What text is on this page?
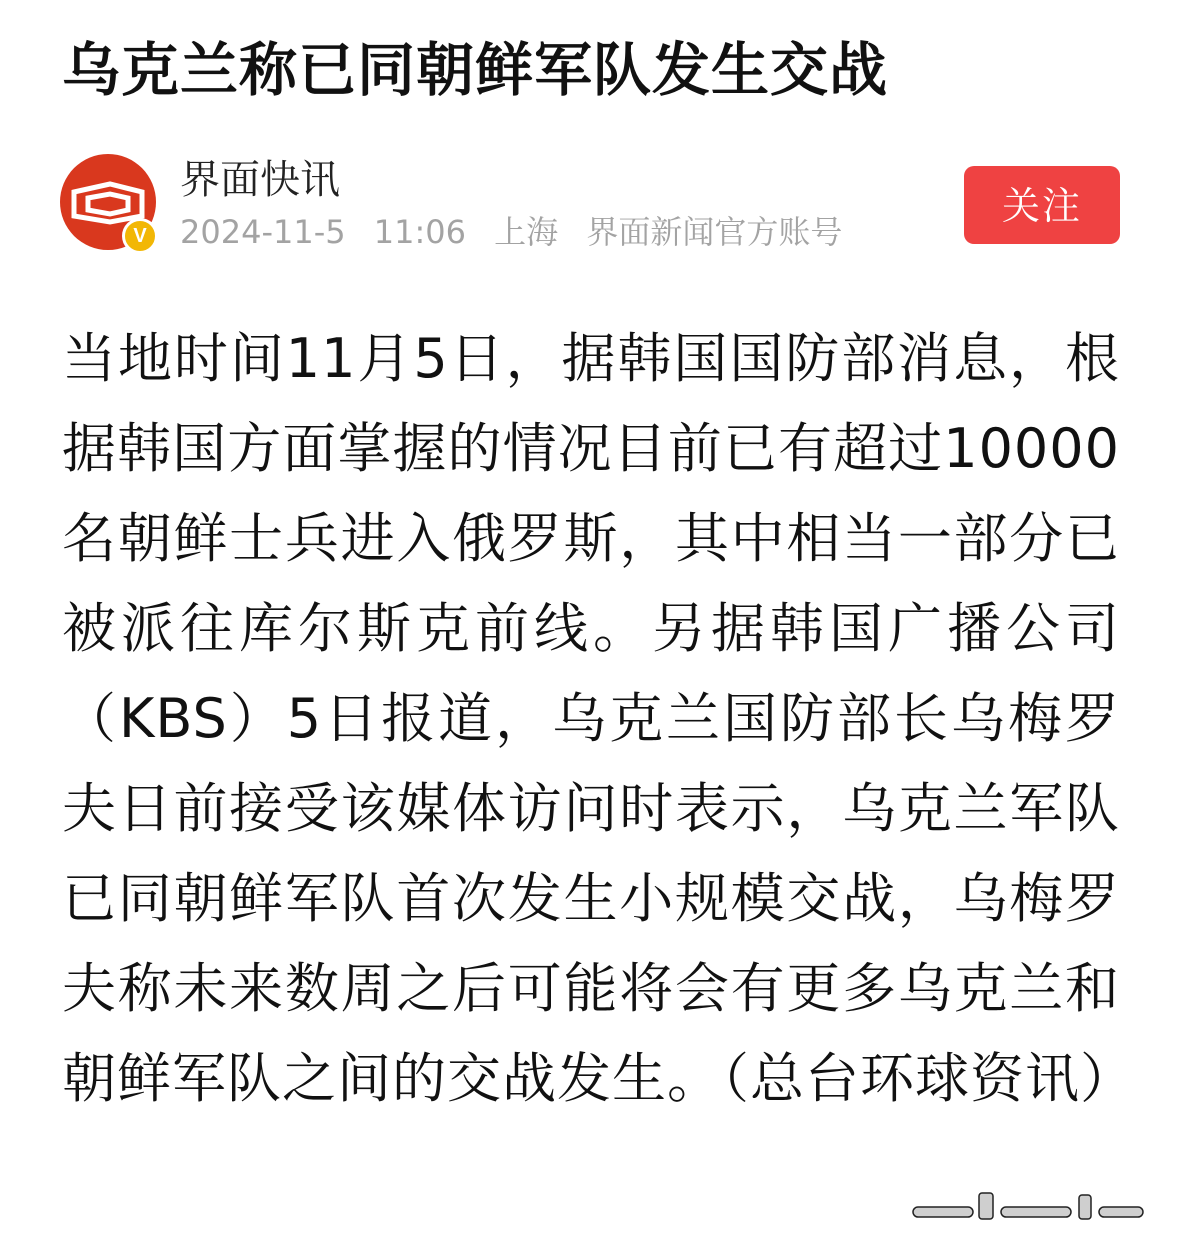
乌克兰称已同朝鲜军队发生交战
V
界面快讯
2024-11-5 11:06 上海 界面新闻官方账号
关注
当地时间11月5日，据韩国国防部消息，根据韩国方面掌握的情况目前已有超过10000名朝鲜士兵进入俄罗斯，其中相当一部分已被派往库尔斯克前线。另据韩国广播公司（KBS）5日报道，乌克兰国防部长乌梅罗夫日前接受该媒体访问时表示，乌克兰军队已同朝鲜军队首次发生小规模交战，乌梅罗夫称未来数周之后可能将会有更多乌克兰和朝鲜军队之间的交战发生。（总台环球资讯）
